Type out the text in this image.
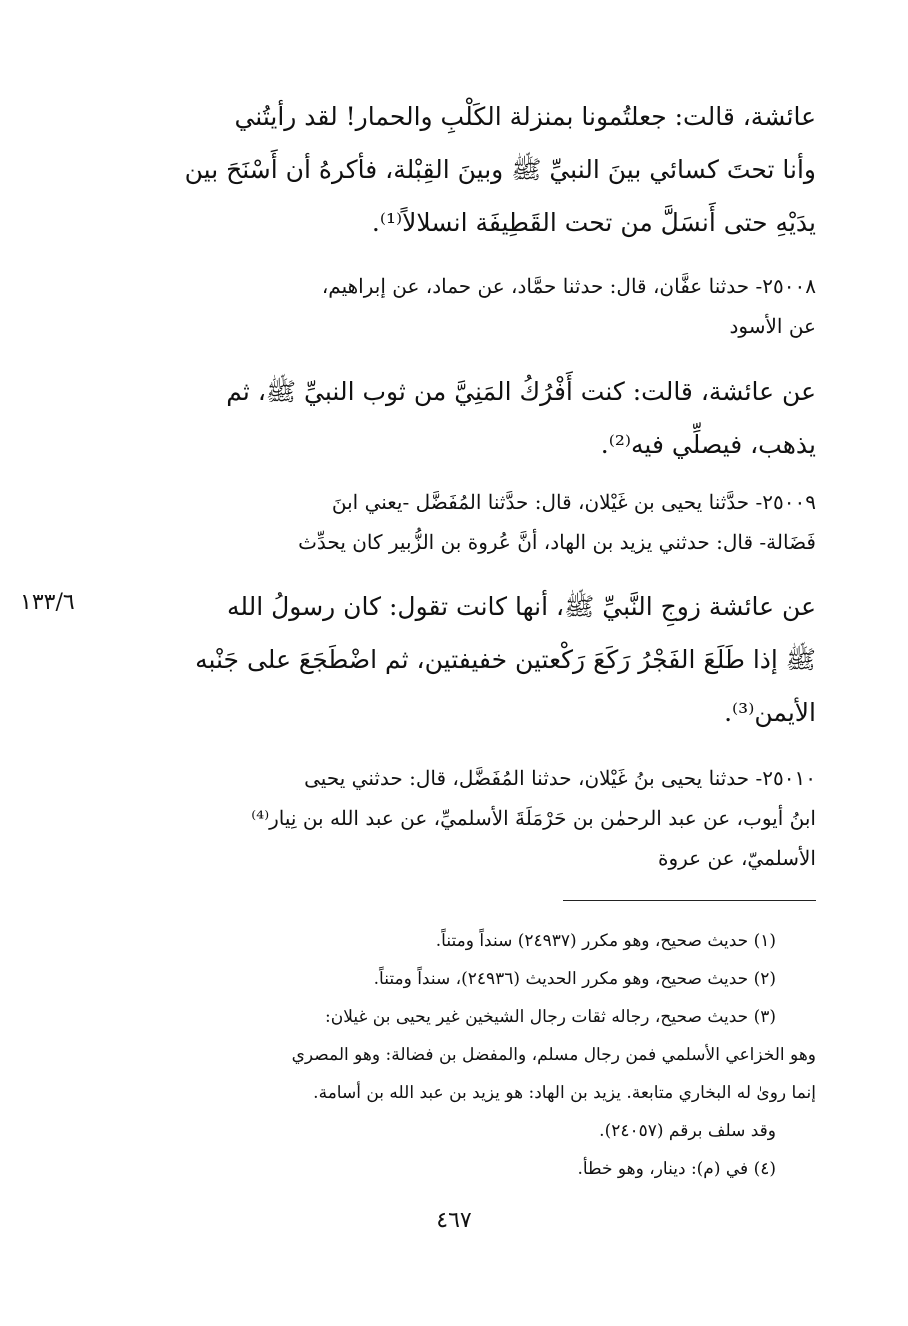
عائشة، قالت: جعلتُمونا بمنزلة الكَلْبِ والحمار! لقد رأيتُني
وأنا تحتَ كسائي بينَ النبيِّ ﷺ وبينَ القِبْلة، فأكرهُ أن أَسْنَحَ بين
يدَيْهِ حتى أَنسَلَّ من تحت القَطِيفَة انسلالاً⁽¹⁾.
٢٥٠٠٨- حدثنا عفَّان، قال: حدثنا حمَّاد، عن حماد، عن إبراهيم،
عن الأسود
عن عائشة، قالت: كنت أَفْرُكُ المَنِيَّ من ثوب النبيِّ ﷺ، ثم
يذهب، فيصلِّي فيه⁽²⁾.
٢٥٠٠٩- حدَّثنا يحيى بن غَيْلان، قال: حدَّثنا المُفَضَّل -يعني ابنَ
فَضَالة- قال: حدثني يزيد بن الهاد، أنَّ عُروة بن الزُّبير كان يحدِّث
١٣٣/٦	عن عائشة زوجِ النَّبيِّ ﷺ، أنها كانت تقول: كان رسولُ الله
ﷺ إذا طَلَعَ الفَجْرُ رَكَعَ رَكْعتين خفيفتين، ثم اضْطَجَعَ على جَنْبه
الأيمن⁽³⁾.
٢٥٠١٠- حدثنا يحيى بنُ غَيْلان، حدثنا المُفَضَّل، قال: حدثني يحيى
ابنُ أيوب، عن عبد الرحمٰن بن حَرْمَلَةَ الأسلميِّ، عن عبد الله بن نِيار⁽⁴⁾
الأسلميّ، عن عروة
(١) حديث صحيح، وهو مكرر (٢٤٩٣٧) سنداً ومتناً.
(٢) حديث صحيح، وهو مكرر الحديث (٢٤٩٣٦)، سنداً ومتناً.
(٣) حديث صحيح، رجاله ثقات رجال الشيخين غير يحيى بن غيلان:
وهو الخزاعي الأسلمي فمن رجال مسلم، والمفضل بن فضالة: وهو المصري
إنما روىٰ له البخاري متابعة. يزيد بن الهاد: هو يزيد بن عبد الله بن أسامة.
وقد سلف برقم (٢٤٠٥٧).
(٤) في (م): دينار، وهو خطأ.
٤٦٧
